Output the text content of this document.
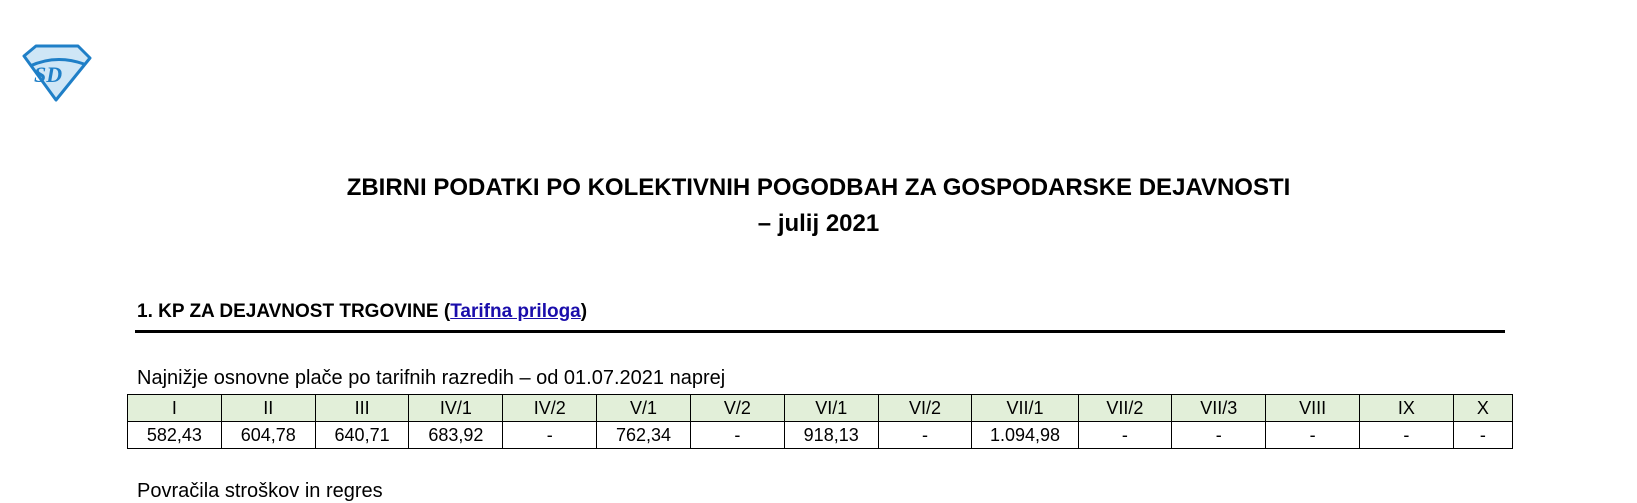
SD
ZBIRNI PODATKI PO KOLEKTIVNIH POGODBAH ZA GOSPODARSKE DEJAVNOSTI
– julij 2021
1. KP ZA DEJAVNOST TRGOVINE (Tarifna priloga)
Najnižje osnovne plače po tarifnih razredih – od 01.07.2021 naprej
I	II	III	IV/1	IV/2	V/1	V/2	VI/1	VI/2	VII/1	VII/2	VII/3	VIII	IX	X
582,43	604,78	640,71	683,92	-	762,34	-	918,13	-	1.094,98	-	-	-	-	-
Povračila stroškov in regres
